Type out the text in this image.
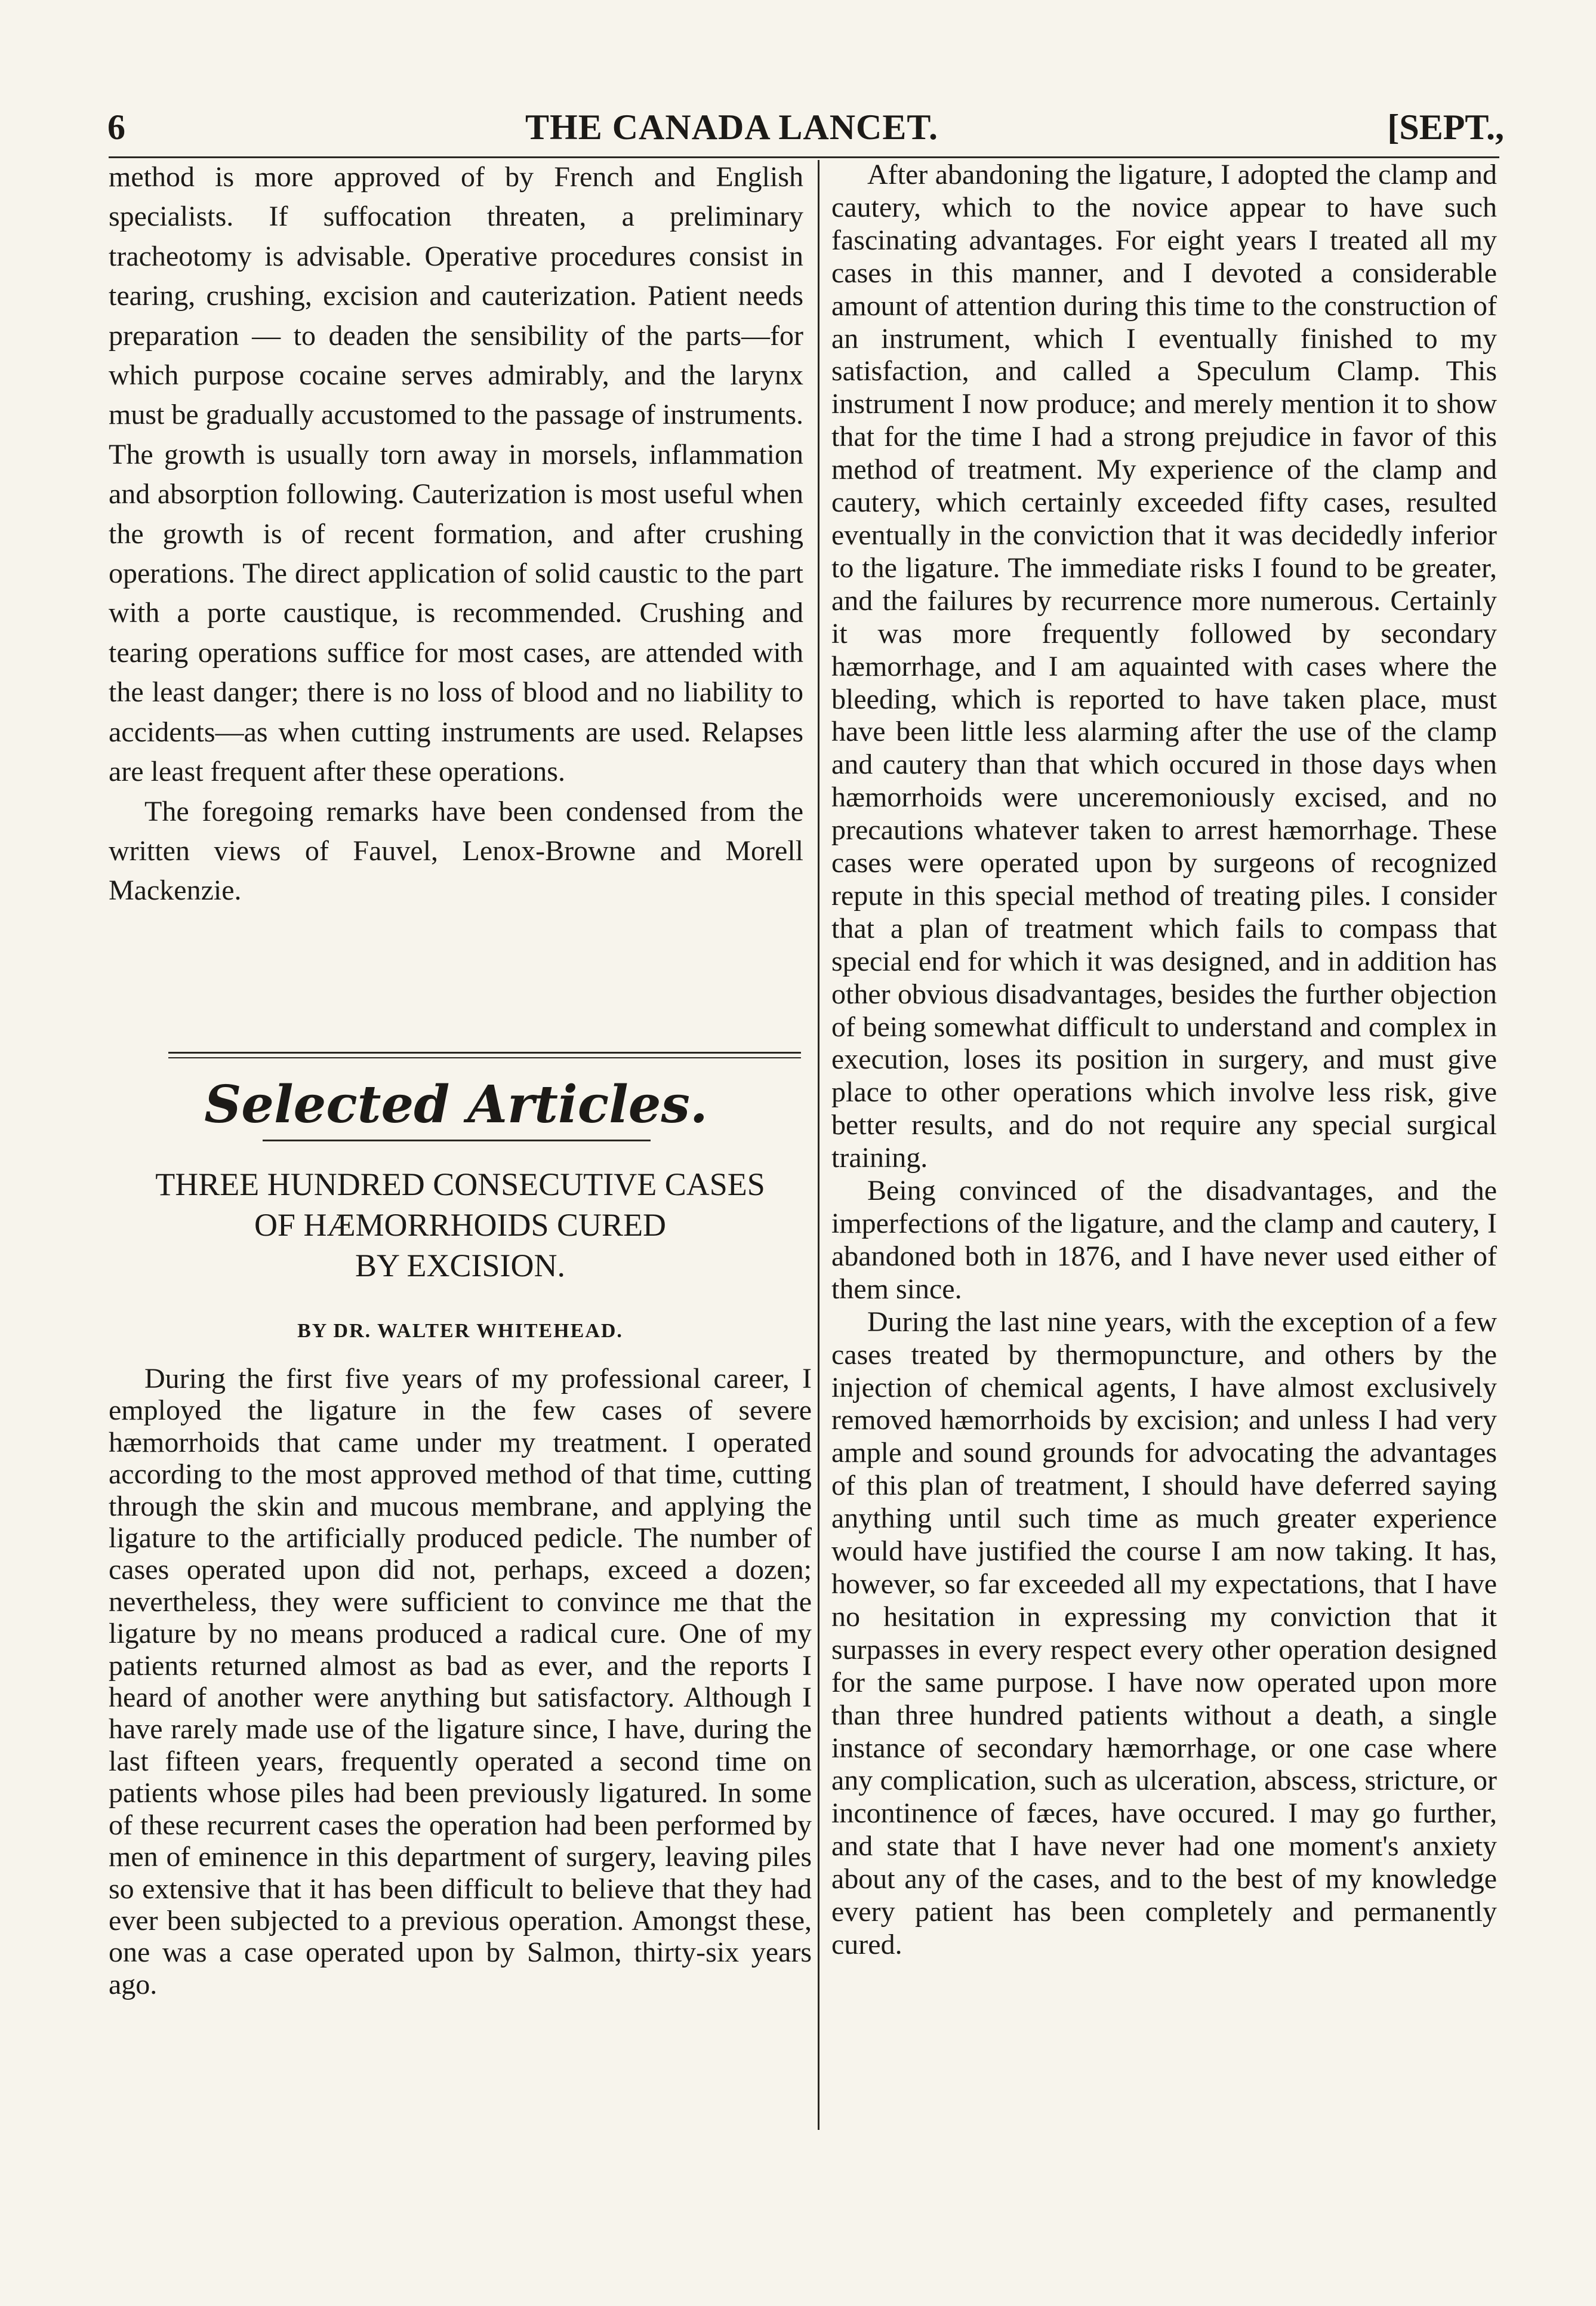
6	THE CANADA LANCET.	[SEPT.,

method is more approved of by French and English specialists. If suffocation threaten, a preliminary tracheotomy is advisable. Operative procedures consist in tearing, crushing, excision and cauterization. Patient needs preparation — to deaden the sensibility of the parts—for which purpose cocaine serves admirably, and the larynx must be gradually accustomed to the passage of instruments. The growth is usually torn away in morsels, inflammation and absorption following. Cauterization is most useful when the growth is of recent formation, and after crushing operations. The direct application of solid caustic to the part with a porte caustique, is recommended. Crushing and tearing operations suffice for most cases, are attended with the least danger; there is no loss of blood and no liability to accidents—as when cutting instruments are used. Relapses are least frequent after these operations.

The foregoing remarks have been condensed from the written views of Fauvel, Lenox-Browne and Morell Mackenzie.

Selected Articles.
THREE HUNDRED CONSECUTIVE CASES
OF HÆMORRHOIDS CURED
BY EXCISION.
BY DR. WALTER WHITEHEAD.

During the first five years of my professional career, I employed the ligature in the few cases of severe hæmorrhoids that came under my treatment. I operated according to the most approved method of that time, cutting through the skin and mucous membrane, and applying the ligature to the artificially produced pedicle. The number of cases operated upon did not, perhaps, exceed a dozen; nevertheless, they were sufficient to convince me that the ligature by no means produced a radical cure. One of my patients returned almost as bad as ever, and the reports I heard of another were anything but satisfactory. Although I have rarely made use of the ligature since, I have, during the last fifteen years, frequently operated a second time on patients whose piles had been previously ligatured. In some of these recurrent cases the operation had been performed by men of eminence in this department of surgery, leaving piles so extensive that it has been difficult to believe that they had ever been subjected to a previous operation. Amongst these, one was a case operated upon by Salmon, thirty-six years ago.

After abandoning the ligature, I adopted the clamp and cautery, which to the novice appear to have such fascinating advantages. For eight years I treated all my cases in this manner, and I devoted a considerable amount of attention during this time to the construction of an instrument, which I eventually finished to my satisfaction, and called a Speculum Clamp. This instrument I now produce; and merely mention it to show that for the time I had a strong prejudice in favor of this method of treatment. My experience of the clamp and cautery, which certainly exceeded fifty cases, resulted eventually in the conviction that it was decidedly inferior to the ligature. The immediate risks I found to be greater, and the failures by recurrence more numerous. Certainly it was more frequently followed by secondary hæmorrhage, and I am aquainted with cases where the bleeding, which is reported to have taken place, must have been little less alarming after the use of the clamp and cautery than that which occured in those days when hæmorrhoids were unceremoniously excised, and no precautions whatever taken to arrest hæmorrhage. These cases were operated upon by surgeons of recognized repute in this special method of treating piles. I consider that a plan of treatment which fails to compass that special end for which it was designed, and in addition has other obvious disadvantages, besides the further objection of being somewhat difficult to understand and complex in execution, loses its position in surgery, and must give place to other operations which involve less risk, give better results, and do not require any special surgical training.

Being convinced of the disadvantages, and the imperfections of the ligature, and the clamp and cautery, I abandoned both in 1876, and I have never used either of them since.

During the last nine years, with the exception of a few cases treated by thermopuncture, and others by the injection of chemical agents, I have almost exclusively removed hæmorrhoids by excision; and unless I had very ample and sound grounds for advocating the advantages of this plan of treatment, I should have deferred saying anything until such time as much greater experience would have justified the course I am now taking. It has, however, so far exceeded all my expectations, that I have no hesitation in expressing my conviction that it surpasses in every respect every other operation designed for the same purpose. I have now operated upon more than three hundred patients without a death, a single instance of secondary hæmorrhage, or one case where any complication, such as ulceration, abscess, stricture, or incontinence of fæces, have occured. I may go further, and state that I have never had one moment's anxiety about any of the cases, and to the best of my knowledge every patient has been completely and permanently cured.
